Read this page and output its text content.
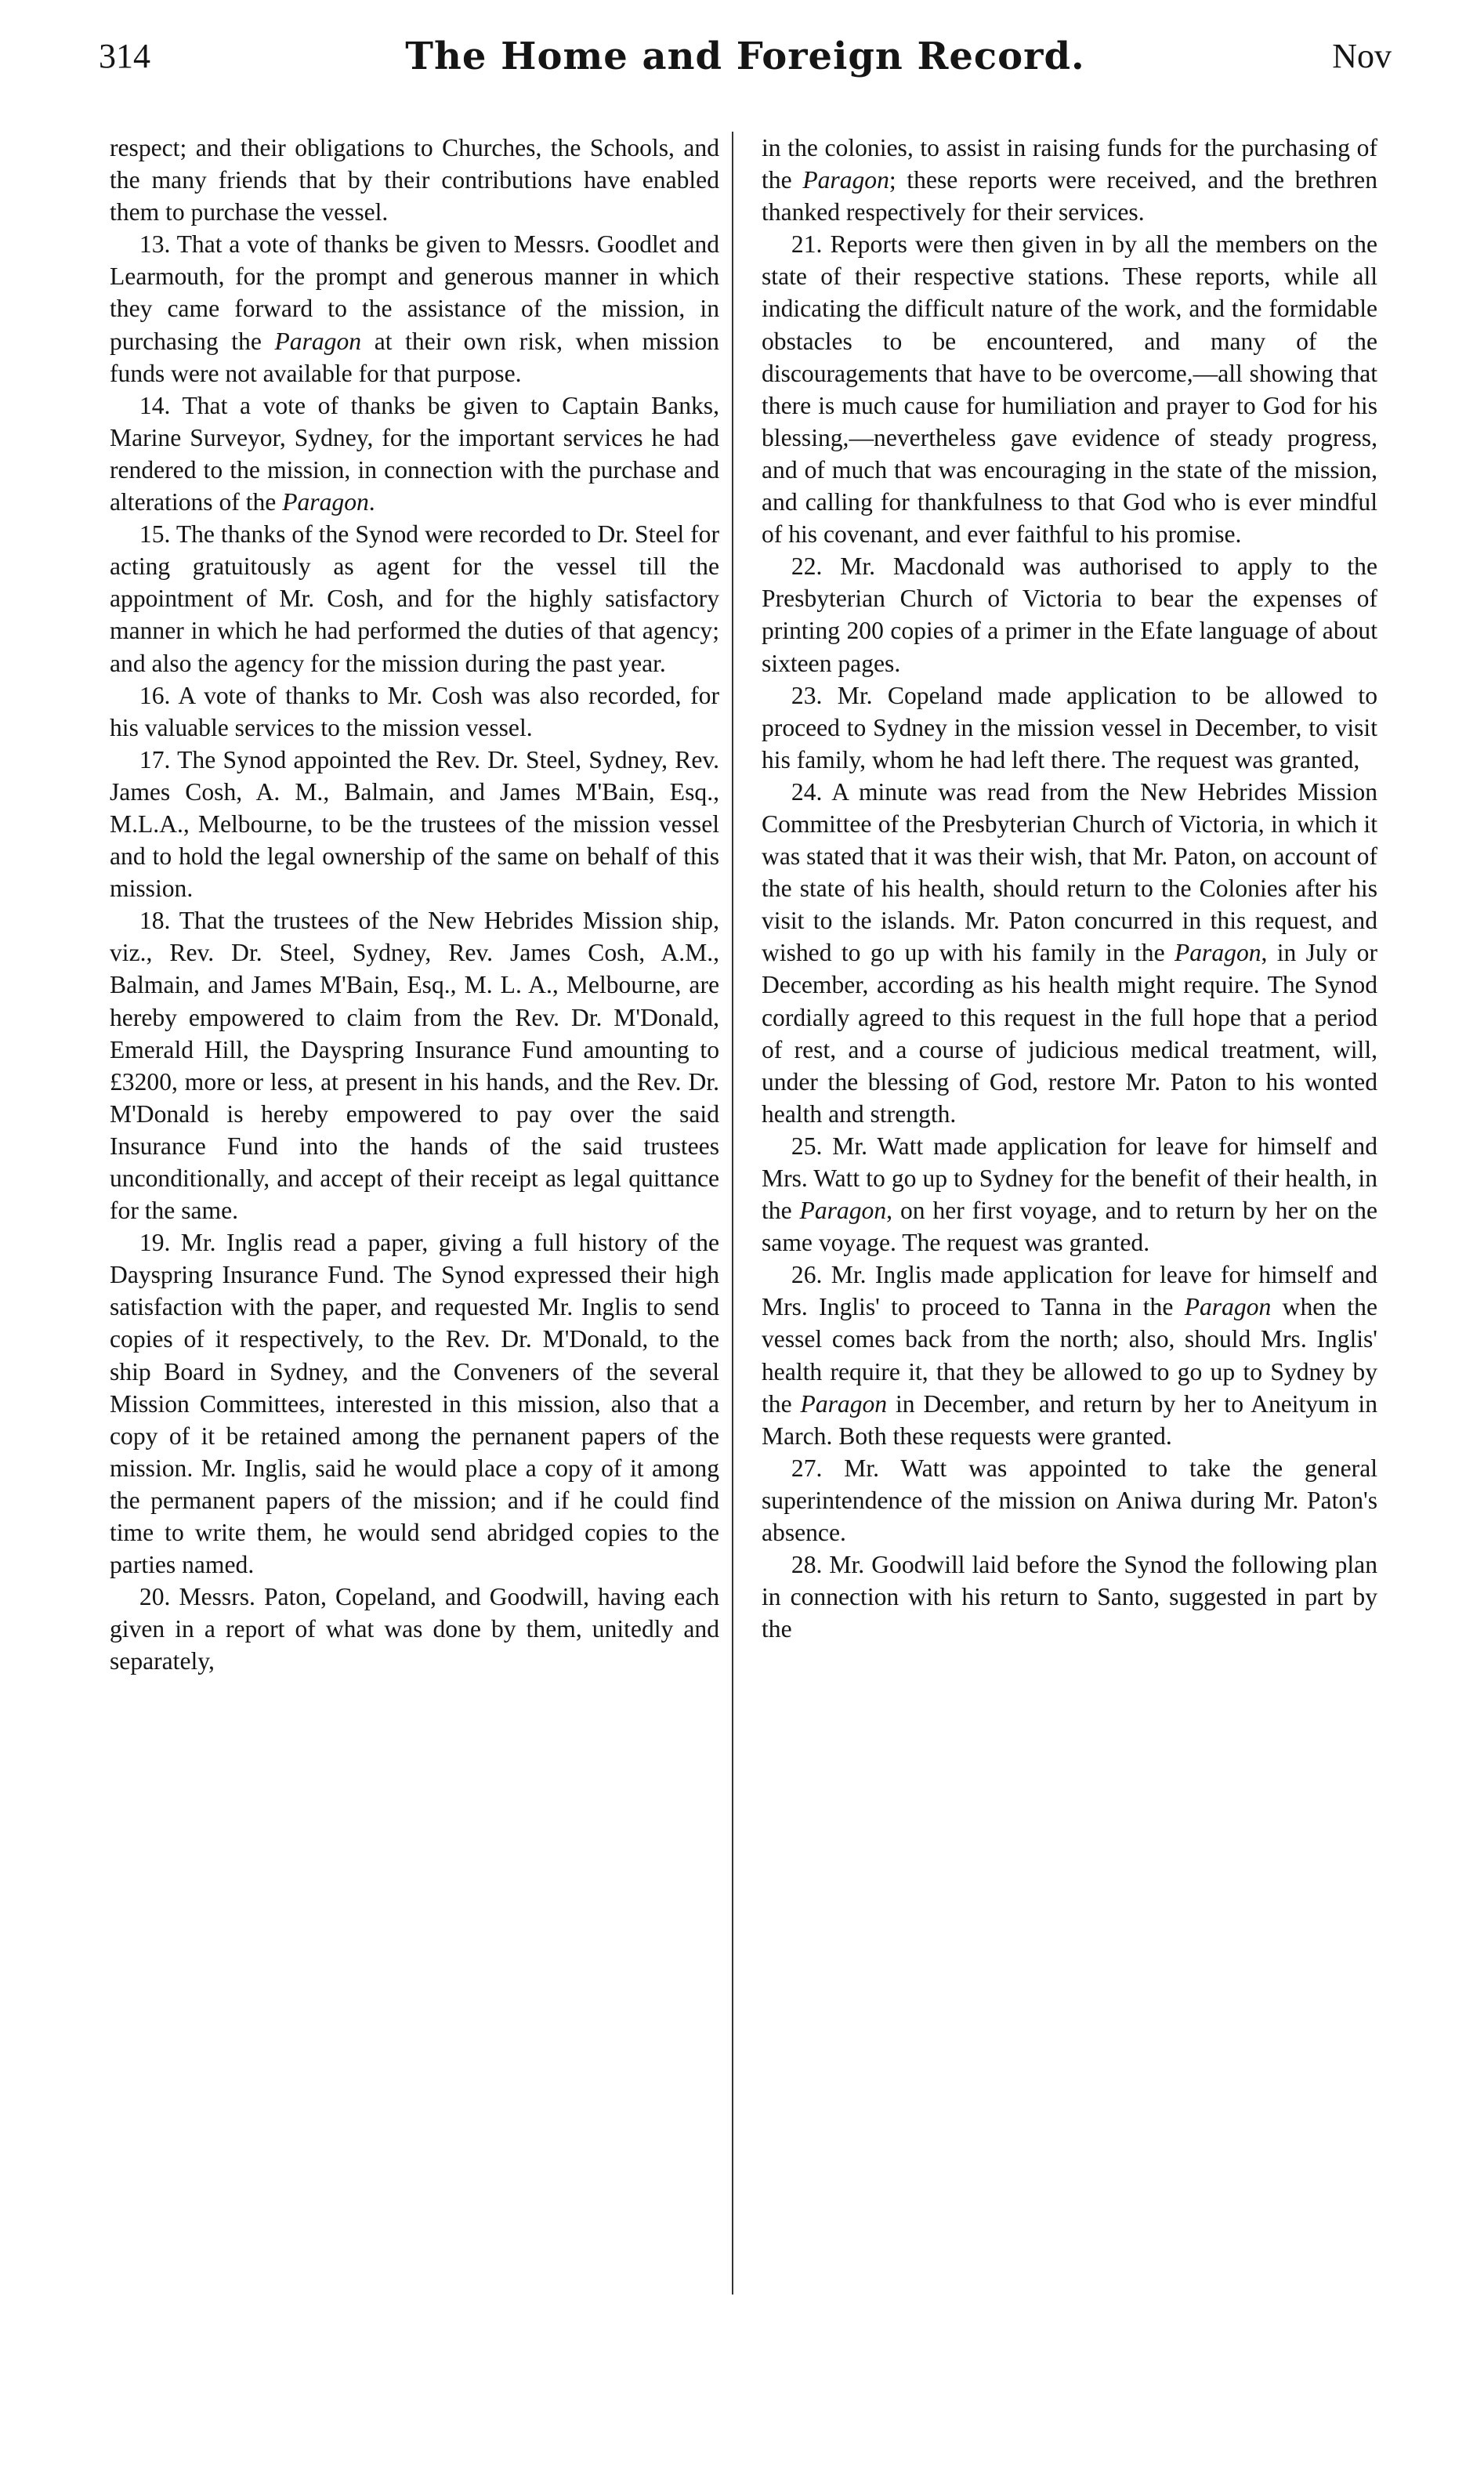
314	The Home and Foreign Record.	Nov

respect; and their obligations to Churches, the Schools, and the many friends that by their contributions have enabled them to purchase the vessel.

13. That a vote of thanks be given to Messrs. Goodlet and Learmouth, for the prompt and generous manner in which they came forward to the assistance of the mission, in purchasing the Paragon at their own risk, when mission funds were not available for that purpose.

14. That a vote of thanks be given to Captain Banks, Marine Surveyor, Sydney, for the important services he had rendered to the mission, in connection with the purchase and alterations of the Paragon.

15. The thanks of the Synod were recorded to Dr. Steel for acting gratuitously as agent for the vessel till the appointment of Mr. Cosh, and for the highly satisfactory manner in which he had performed the duties of that agency; and also the agency for the mission during the past year.

16. A vote of thanks to Mr. Cosh was also recorded, for his valuable services to the mission vessel.

17. The Synod appointed the Rev. Dr. Steel, Sydney, Rev. James Cosh, A. M., Balmain, and James M'Bain, Esq., M.L.A., Melbourne, to be the trustees of the mission vessel and to hold the legal ownership of the same on behalf of this mission.

18. That the trustees of the New Hebrides Mission ship, viz., Rev. Dr. Steel, Sydney, Rev. James Cosh, A.M., Balmain, and James M'Bain, Esq., M. L. A., Melbourne, are hereby empowered to claim from the Rev. Dr. M'Donald, Emerald Hill, the Dayspring Insurance Fund amounting to £3200, more or less, at present in his hands, and the Rev. Dr. M'Donald is hereby empowered to pay over the said Insurance Fund into the hands of the said trustees unconditionally, and accept of their receipt as legal quittance for the same.

19. Mr. Inglis read a paper, giving a full history of the Dayspring Insurance Fund. The Synod expressed their high satisfaction with the paper, and requested Mr. Inglis to send copies of it respectively, to the Rev. Dr. M'Donald, to the ship Board in Sydney, and the Conveners of the several Mission Committees, interested in this mission, also that a copy of it be retained among the pernanent papers of the mission. Mr. Inglis, said he would place a copy of it among the permanent papers of the mission; and if he could find time to write them, he would send abridged copies to the parties named.

20. Messrs. Paton, Copeland, and Goodwill, having each given in a report of what was done by them, unitedly and separately,

in the colonies, to assist in raising funds for the purchasing of the Paragon; these reports were received, and the brethren thanked respectively for their services.

21. Reports were then given in by all the members on the state of their respective stations. These reports, while all indicating the difficult nature of the work, and the formidable obstacles to be encountered, and many of the discouragements that have to be overcome,—all showing that there is much cause for humiliation and prayer to God for his blessing,—nevertheless gave evidence of steady progress, and of much that was encouraging in the state of the mission, and calling for thankfulness to that God who is ever mindful of his covenant, and ever faithful to his promise.

22. Mr. Macdonald was authorised to apply to the Presbyterian Church of Victoria to bear the expenses of printing 200 copies of a primer in the Efate language of about sixteen pages.

23. Mr. Copeland made application to be allowed to proceed to Sydney in the mission vessel in December, to visit his family, whom he had left there. The request was granted,

24. A minute was read from the New Hebrides Mission Committee of the Presbyterian Church of Victoria, in which it was stated that it was their wish, that Mr. Paton, on account of the state of his health, should return to the Colonies after his visit to the islands. Mr. Paton concurred in this request, and wished to go up with his family in the Paragon, in July or December, according as his health might require. The Synod cordially agreed to this request in the full hope that a period of rest, and a course of judicious medical treatment, will, under the blessing of God, restore Mr. Paton to his wonted health and strength.

25. Mr. Watt made application for leave for himself and Mrs. Watt to go up to Sydney for the benefit of their health, in the Paragon, on her first voyage, and to return by her on the same voyage. The request was granted.

26. Mr. Inglis made application for leave for himself and Mrs. Inglis' to proceed to Tanna in the Paragon when the vessel comes back from the north; also, should Mrs. Inglis' health require it, that they be allowed to go up to Sydney by the Paragon in December, and return by her to Aneityum in March. Both these requests were granted.

27. Mr. Watt was appointed to take the general superintendence of the mission on Aniwa during Mr. Paton's absence.

28. Mr. Goodwill laid before the Synod the following plan in connection with his return to Santo, suggested in part by the
